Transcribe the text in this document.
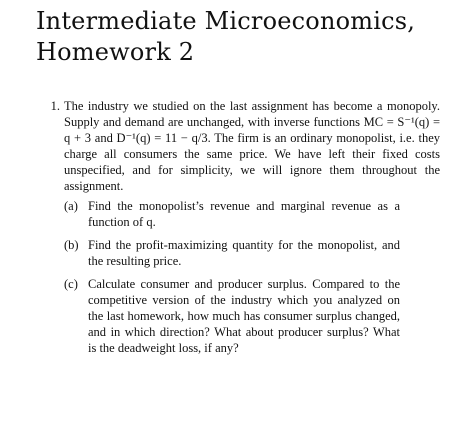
Intermediate Microeconomics,
Homework 2
1. The industry we studied on the last assignment has become a monopoly. Supply and demand are unchanged, with inverse functions MC = S⁻¹(q) = q + 3 and D⁻¹(q) = 11 − q/3. The firm is an ordinary monopolist, i.e. they charge all consumers the same price. We have left their fixed costs unspecified, and for simplicity, we will ignore them throughout the assignment.
(a) Find the monopolist’s revenue and marginal revenue as a function of q.
(b) Find the profit-maximizing quantity for the monopolist, and the resulting price.
(c) Calculate consumer and producer surplus. Compared to the competitive version of the industry which you analyzed on the last homework, how much has consumer surplus changed, and in which direction? What about producer surplus? What is the deadweight loss, if any?
